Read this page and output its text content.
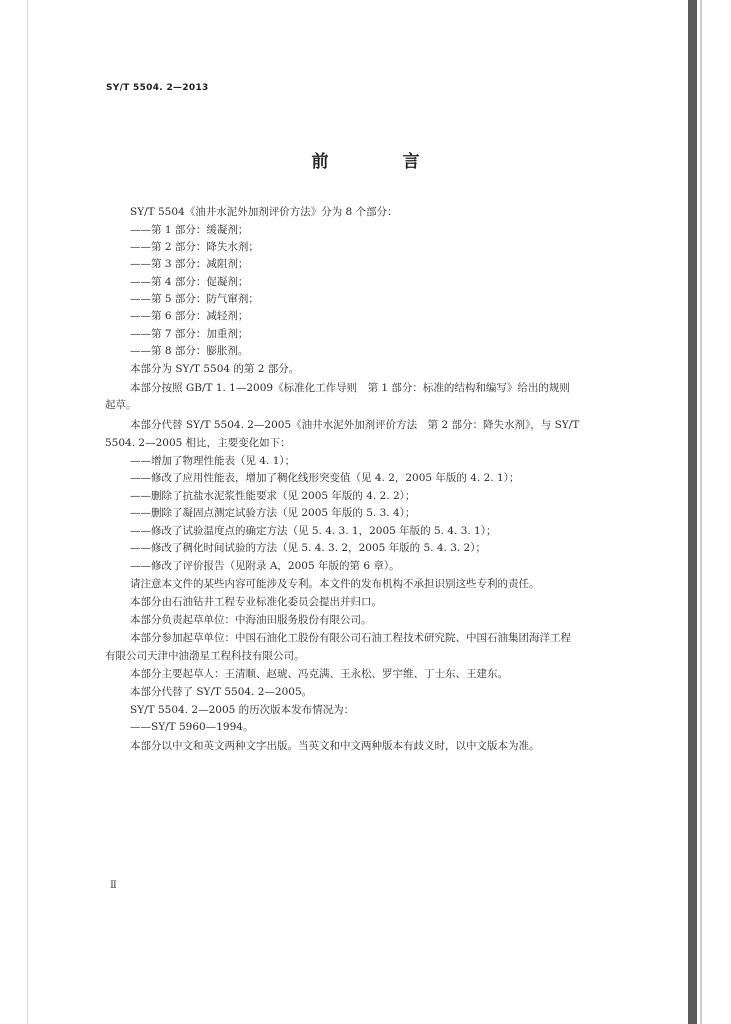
SY/T 5504. 2—2013
前 言
SY/T 5504《油井水泥外加剂评价方法》分为 8 个部分：
——第 1 部分：缓凝剂；
——第 2 部分：降失水剂；
——第 3 部分：减阻剂；
——第 4 部分：促凝剂；
——第 5 部分：防气窜剂；
——第 6 部分：减轻剂；
——第 7 部分：加重剂；
——第 8 部分：膨胀剂。
本部分为 SY/T 5504 的第 2 部分。
本部分按照 GB/T 1. 1—2009《标准化工作导则　第 1 部分：标准的结构和编写》给出的规则
起草。
本部分代替 SY/T 5504. 2—2005《油井水泥外加剂评价方法　第 2 部分：降失水剂》，与 SY/T
5504. 2—2005 相比，主要变化如下：
——增加了物理性能表（见 4. 1）；
——修改了应用性能表，增加了稠化线形突变值（见 4. 2，2005 年版的 4. 2. 1）；
——删除了抗盐水泥浆性能要求（见 2005 年版的 4. 2. 2）；
——删除了凝固点测定试验方法（见 2005 年版的 5. 3. 4）；
——修改了试验温度点的确定方法（见 5. 4. 3. 1，2005 年版的 5. 4. 3. 1）；
——修改了稠化时间试验的方法（见 5. 4. 3. 2，2005 年版的 5. 4. 3. 2）；
——修改了评价报告（见附录 A，2005 年版的第 6 章）。
请注意本文件的某些内容可能涉及专利。本文件的发布机构不承担识别这些专利的责任。
本部分由石油钻井工程专业标准化委员会提出并归口。
本部分负责起草单位：中海油田服务股份有限公司。
本部分参加起草单位：中国石油化工股份有限公司石油工程技术研究院、中国石油集团海洋工程
有限公司天津中油渤星工程科技有限公司。
本部分主要起草人：王清顺、赵琥、冯克满、王永松、罗宇维、丁士东、王建东。
本部分代替了 SY/T 5504. 2—2005。
SY/T 5504. 2—2005 的历次版本发布情况为：
——SY/T 5960—1994。
本部分以中文和英文两种文字出版。当英文和中文两种版本有歧义时，以中文版本为准。
Ⅱ
